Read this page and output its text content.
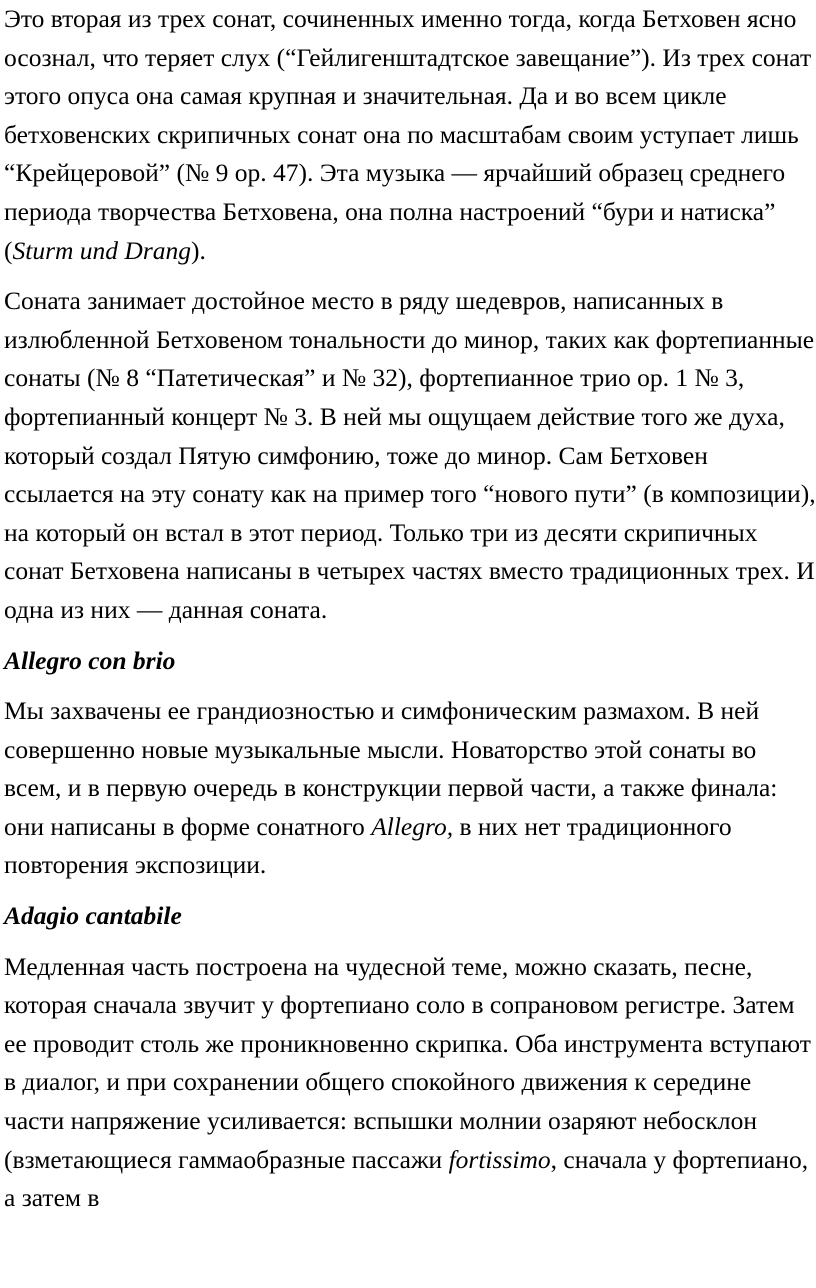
Это вторая из трех сонат, сочиненных именно тогда, когда Бетховен ясно осознал, что теряет слух (“Гейлигенштадтское завещание”). Из трех сонат этого опуса она самая крупная и значительная. Да и во всем цикле бетховенских скрипичных сонат она по масштабам своим уступает лишь “Крейцеровой” (№ 9 ор. 47). Эта музыка — ярчайший образец среднего периода творчества Бетховена, она полна настроений “бури и натиска” (Sturm und Drang).

Соната занимает достойное место в ряду шедевров, написанных в излюбленной Бетховеном тональности до минор, таких как фортепианные сонаты (№ 8 “Патетическая” и № 32), фортепианное трио ор. 1 № 3, фортепианный концерт № 3. В ней мы ощущаем действие того же духа, который создал Пятую симфонию, тоже до минор. Сам Бетховен ссылается на эту сонату как на пример того “нового пути” (в композиции), на который он встал в этот период. Только три из десяти скрипичных сонат Бетховена написаны в четырех частях вместо традиционных трех. И одна из них — данная соната.

Allegro con brio

Мы захвачены ее грандиозностью и симфоническим размахом. В ней совершенно новые музыкальные мысли. Новаторство этой сонаты во всем, и в первую очередь в конструкции первой части, а также финала: они написаны в форме сонатного Allegro, в них нет традиционного повторения экспозиции.

Adagio cantabile

Медленная часть построена на чудесной теме, можно сказать, песне, которая сначала звучит у фортепиано соло в сопрановом регистре. Затем ее проводит столь же проникновенно скрипка. Оба инструмента вступают в диалог, и при сохранении общего спокойного движения к середине части напряжение усиливается: вспышки молнии озаряют небосклон (взметающиеся гаммаобразные пассажи fortissimo, сначала у фортепиано, а затем в
